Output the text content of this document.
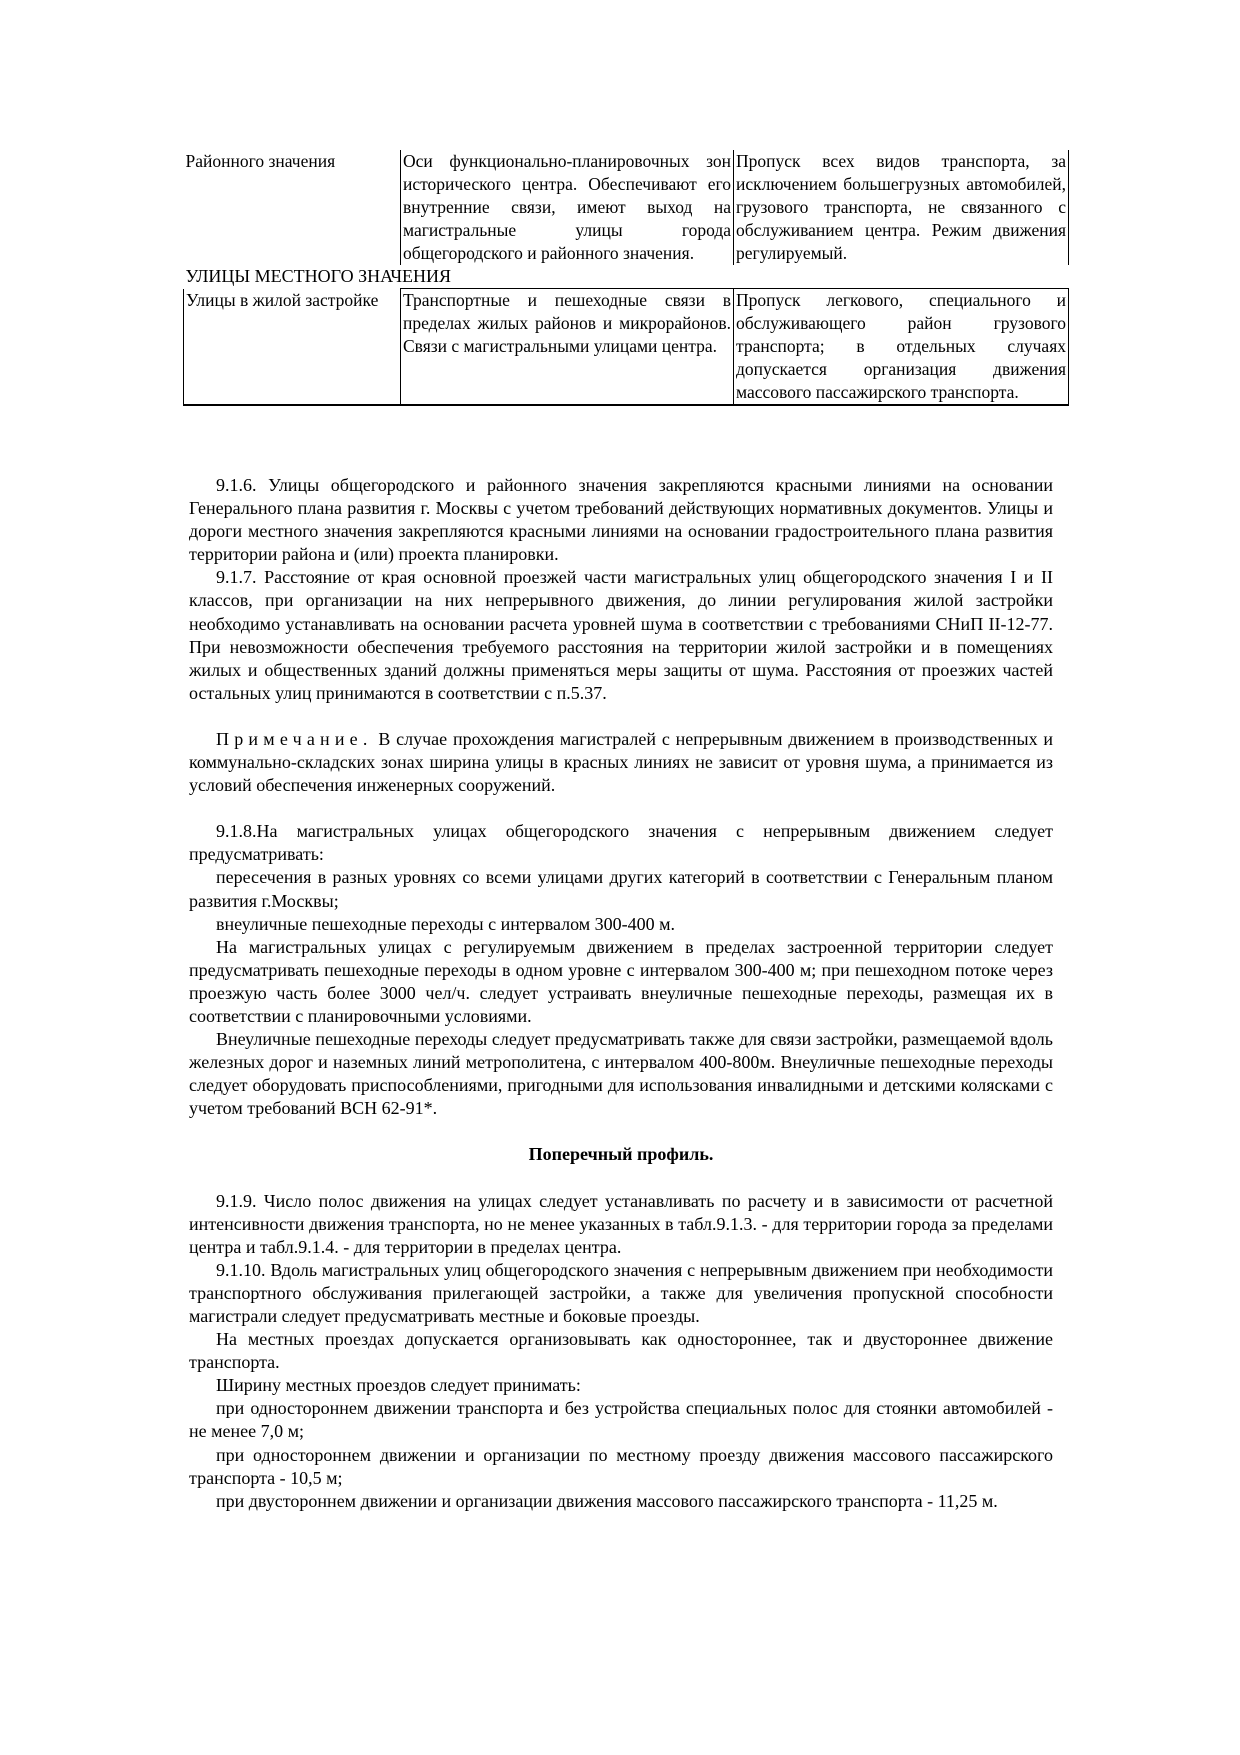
Районного значения	Оси функционально-планировочных зон исторического центра. Обеспечивают его внутренние связи, имеют выход на магистральные улицы города общегородского и районного значения.	Пропуск всех видов транспорта, за исключением большегрузных автомобилей, грузового транспорта, не связанного с обслуживанием центра. Режим движения регулируемый.
УЛИЦЫ МЕСТНОГО ЗНАЧЕНИЯ		
Улицы в жилой застройке	Транспортные и пешеходные связи в пределах жилых районов и микрорайонов. Связи с магистральными улицами центра.	Пропуск легкового, специального и обслуживающего район грузового транспорта; в отдельных случаях допускается организация движения массового пассажирского транспорта.

9.1.6. Улицы общегородского и районного значения закрепляются красными линиями на основании Генерального плана развития г. Москвы с учетом требований действующих нормативных документов. Улицы и дороги местного значения закрепляются красными линиями на основании градостроительного плана развития территории района и (или) проекта планировки.

9.1.7. Расстояние от края основной проезжей части магистральных улиц общегородского значения I и II классов, при организации на них непрерывного движения, до линии регулирования жилой застройки необходимо устанавливать на основании расчета уровней шума в соответствии с требованиями СНиП II-12-77. При невозможности обеспечения требуемого расстояния на территории жилой застройки и в помещениях жилых и общественных зданий должны применяться меры защиты от шума. Расстояния от проезжих частей остальных улиц принимаются в соответствии с п.5.37.

Примечание. В случае прохождения магистралей с непрерывным движением в производственных и коммунально-складских зонах ширина улицы в красных линиях не зависит от уровня шума, а принимается из условий обеспечения инженерных сооружений.

9.1.8.На магистральных улицах общегородского значения с непрерывным движением следует предусматривать:

пересечения в разных уровнях со всеми улицами других категорий в соответствии с Генеральным планом развития г.Москвы;

внеуличные пешеходные переходы с интервалом 300-400 м.

На магистральных улицах с регулируемым движением в пределах застроенной территории следует предусматривать пешеходные переходы в одном уровне с интервалом 300-400 м; при пешеходном потоке через проезжую часть более 3000 чел/ч. следует устраивать внеуличные пешеходные переходы, размещая их в соответствии с планировочными условиями.

Внеуличные пешеходные переходы следует предусматривать также для связи застройки, размещаемой вдоль железных дорог и наземных линий метрополитена, с интервалом 400-800м. Внеуличные пешеходные переходы следует оборудовать приспособлениями, пригодными для использования инвалидными и детскими колясками с учетом требований ВСН 62-91*.

Поперечный профиль.

9.1.9. Число полос движения на улицах следует устанавливать по расчету и в зависимости от расчетной интенсивности движения транспорта, но не менее указанных в табл.9.1.3. - для территории города за пределами центра и табл.9.1.4. - для территории в пределах центра.

9.1.10. Вдоль магистральных улиц общегородского значения с непрерывным движением при необходимости транспортного обслуживания прилегающей застройки, а также для увеличения пропускной способности магистрали следует предусматривать местные и боковые проезды.

На местных проездах допускается организовывать как одностороннее, так и двустороннее движение транспорта.

Ширину местных проездов следует принимать:

при одностороннем движении транспорта и без устройства специальных полос для стоянки автомобилей - не менее 7,0 м;

при одностороннем движении и организации по местному проезду движения массового пассажирского транспорта - 10,5 м;

при двустороннем движении и организации движения массового пассажирского транспорта - 11,25 м.
